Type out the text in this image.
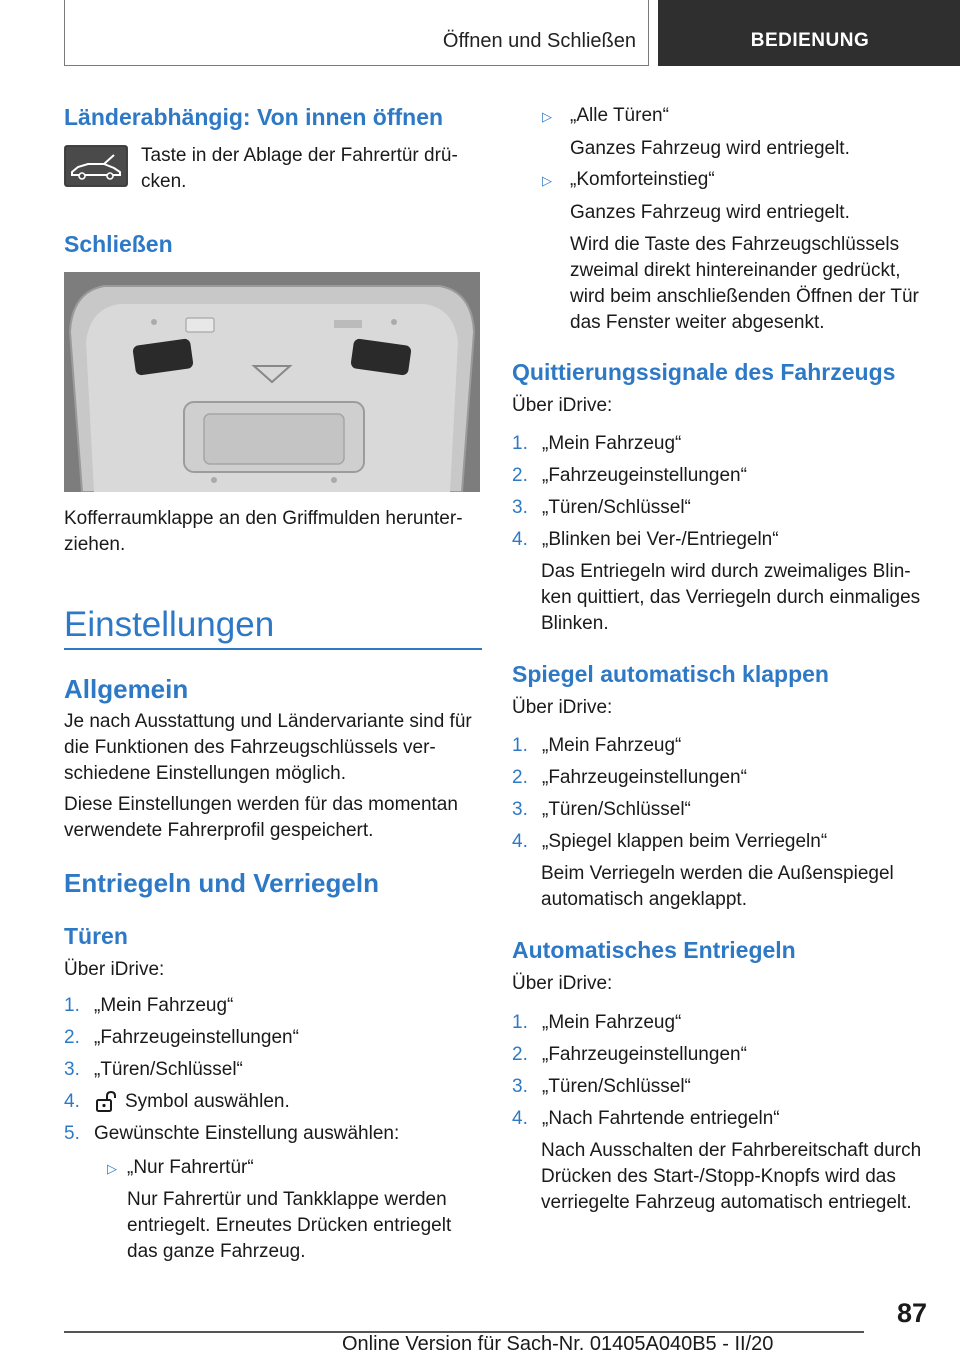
Öffnen und Schließen	BEDIENUNG
Länderabhängig: Von innen öffnen
Taste in der Ablage der Fahrertür drü-
cken.
Schließen
Kofferraumklappe an den Griffmulden herunter-
ziehen.
Einstellungen
Allgemein
Je nach Ausstattung und Ländervariante sind für
die Funktionen des Fahrzeugschlüssels ver-
schiedene Einstellungen möglich.
Diese Einstellungen werden für das momentan
verwendete Fahrerprofil gespeichert.
Entriegeln und Verriegeln
Türen
Über iDrive:
1. „Mein Fahrzeug“
2. „Fahrzeugeinstellungen“
3. „Türen/Schlüssel“
4. Symbol auswählen.
5. Gewünschte Einstellung auswählen:
▷ „Nur Fahrertür“
Nur Fahrertür und Tankklappe werden
entriegelt. Erneutes Drücken entriegelt
das ganze Fahrzeug.
▷ „Alle Türen“
Ganzes Fahrzeug wird entriegelt.
▷ „Komforteinstieg“
Ganzes Fahrzeug wird entriegelt.
Wird die Taste des Fahrzeugschlüssels
zweimal direkt hintereinander gedrückt,
wird beim anschließenden Öffnen der Tür
das Fenster weiter abgesenkt.
Quittierungssignale des Fahrzeugs
Über iDrive:
1. „Mein Fahrzeug“
2. „Fahrzeugeinstellungen“
3. „Türen/Schlüssel“
4. „Blinken bei Ver-/Entriegeln“
Das Entriegeln wird durch zweimaliges Blin-
ken quittiert, das Verriegeln durch einmaliges
Blinken.
Spiegel automatisch klappen
Über iDrive:
1. „Mein Fahrzeug“
2. „Fahrzeugeinstellungen“
3. „Türen/Schlüssel“
4. „Spiegel klappen beim Verriegeln“
Beim Verriegeln werden die Außenspiegel
automatisch angeklappt.
Automatisches Entriegeln
Über iDrive:
1. „Mein Fahrzeug“
2. „Fahrzeugeinstellungen“
3. „Türen/Schlüssel“
4. „Nach Fahrtende entriegeln“
Nach Ausschalten der Fahrbereitschaft durch
Drücken des Start-/Stopp-Knopfs wird das
verriegelte Fahrzeug automatisch entriegelt.
87
Online Version für Sach-Nr. 01405A040B5 - II/20
